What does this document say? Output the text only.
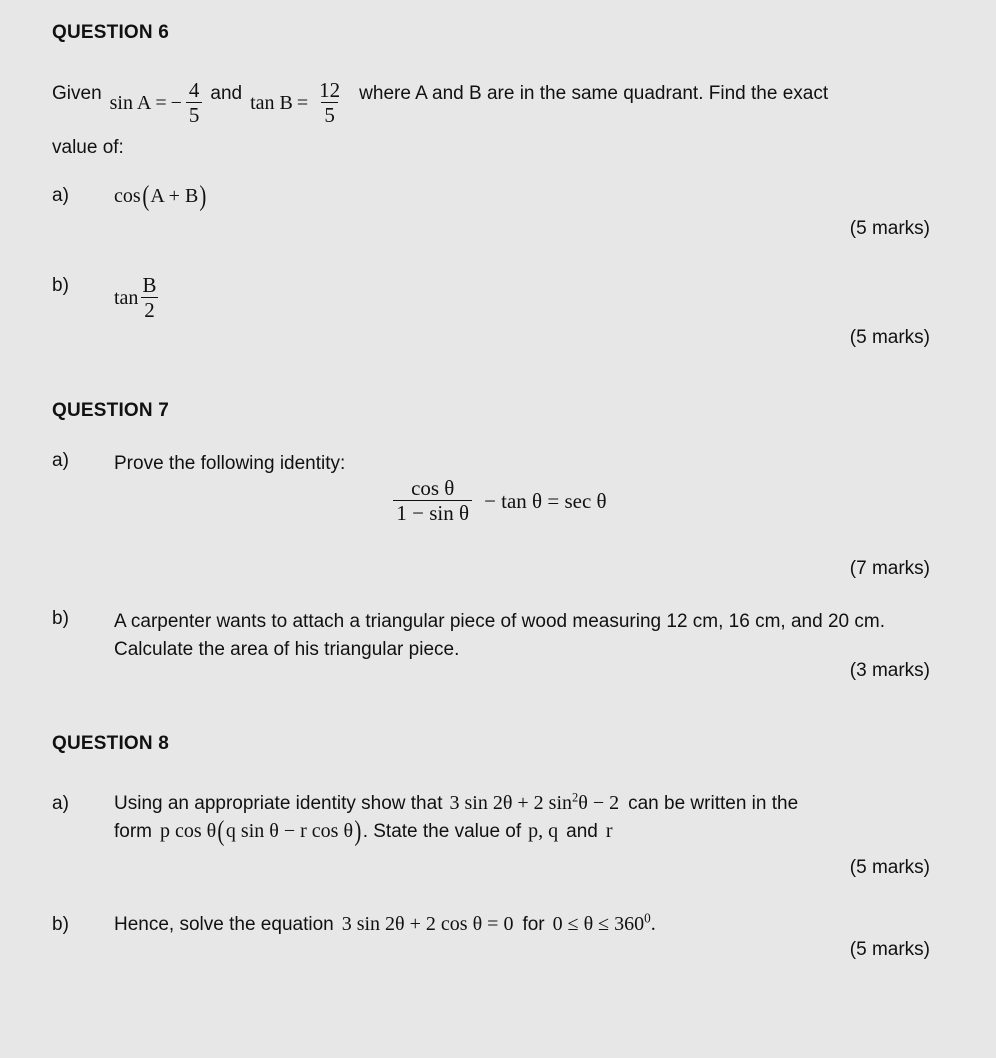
QUESTION 6
Given sin A = − $\frac{4}{5}$ and $\tan B = \frac{12}{5}$ where A and B are in the same quadrant. Find the exact
value of:
a)	cos ( A + B )
(5 marks)
b)
$\tan \frac{B}{2}$
(5 marks)
QUESTION 7
a)	Prove the following identity:
$\frac{\text{cos θ}}{\text{1 − sin θ}} - \tan \theta = \sec \theta$
(7 marks)
b)	A carpenter wants to attach a triangular piece of wood measuring 12 cm, 16 cm, and 20 cm. Calculate the area of his triangular piece.
(3 marks)
QUESTION 8
a)	Using an appropriate identity show that 3 sin 2θ + 2 $\sin^2\theta - 2$ can be written in the
form p cos θ ( q sin θ − r cos θ ) . State the value of p, q and r
(5 marks)
b)	Hence, solve the equation 3 sin 2θ + 2 cos θ = 0 for $0 \le \theta \le 360^0$.
(5 marks)
